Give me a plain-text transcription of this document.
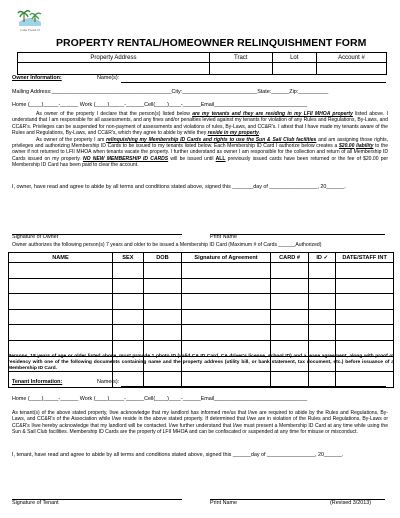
Lake Forest II
PROPERTY RENTAL/HOMEOWNER RELINQUISHMENT FORM
Property Address	Tract	Lot	Account #

Owner Information:	Name(s):
Mailing Address:________________________________________City:_________________________State:______Zip:__________
Home (____)_____-______ Work (____)_____-______Cell(____)____-______Email_______________________________
As owner of the property I declare that the person(s) listed below are my tenants and they are residing in my LFII MHOA property listed above. I understand that I am responsible for all assessments, and any fines and/or penalties levied against my tenants for violation of any Rules and Regulations, By-Laws, and CC&R's. Privileges can be suspended for non-payment of assessments and violations of rules, By-Laws, and CC&R's. I attest that I have made my tenants aware of the Rules and Regulations, By-Laws, and CC&R's, which they agree to abide by while they reside in my property.
As owner of the property I am relinquishing my Membership ID Cards and rights to use the Sun & Sail Club facilities and am assigning those rights, privileges and authorizing Membership ID Cards to be issued to my tenants listed below. Each Membership ID Card I authorize below creates a $20.00 liability to the owner if not returned to LFII MHOA when tenants vacate the property. I further understand as owner I am responsible for the collection and return of all Membership ID Cards issued on my property. NO NEW MEMBERSHIP ID CARDS will be issued until ALL previously issued cards have been returned or the fee of $20.00 per Membership ID Card has been paid to clear the account.
I, owner, have read and agree to abide by all terms and conditions stated above, signed this _______day of ________________, 20______.
Signature of Owner	Print Name
Owner authorizes the following person(s) 7 years and older to be issued a Membership ID Card (Maximum # of Cards ______Authorized)
NAME	SEX	DOB	Signature of Agreement	CARD #	ID ✓	DATE/STAFF INT

Persons, 18 years of age or older listed above, must provide 1 photo ID (valid CA ID Card, CA driver's license, school ID) and a lease agreement, along with proof of residency with one of the following documents containing name and the property address (utility bill, or bank statement, tax document, etc.) before issuance of a Membership ID Card.
Tenant Information:	Name(s):
Home (____)_____-______ Work (____)_____-______Cell(____)____-______Email_______________________________
As tenant(s) of the above stated property, I/we acknowledge that my landlord has informed me/us that I/we are required to abide by the Rules and Regulations, By-Laws, and CC&R's of the Association while I/we reside in the above stated property. If determined that I/we are in violation of the Rules and Regulations, By-Laws or CC&R's I/we hereby acknowledge that my landlord will be contacted. I/we further understand that I/we must present a Membership ID Card at any time while using the Sun & Sail Club facilities. Membership ID Cards are the property of LFII MHOA and can be confiscated or suspended at any time for misuse or misconduct.
I, tenant, have read and agree to abide by all terms and conditions stated above, signed this ______day of ________________, 20______.
Signature of Tenant	Print Name	(Revised 3/2013)
